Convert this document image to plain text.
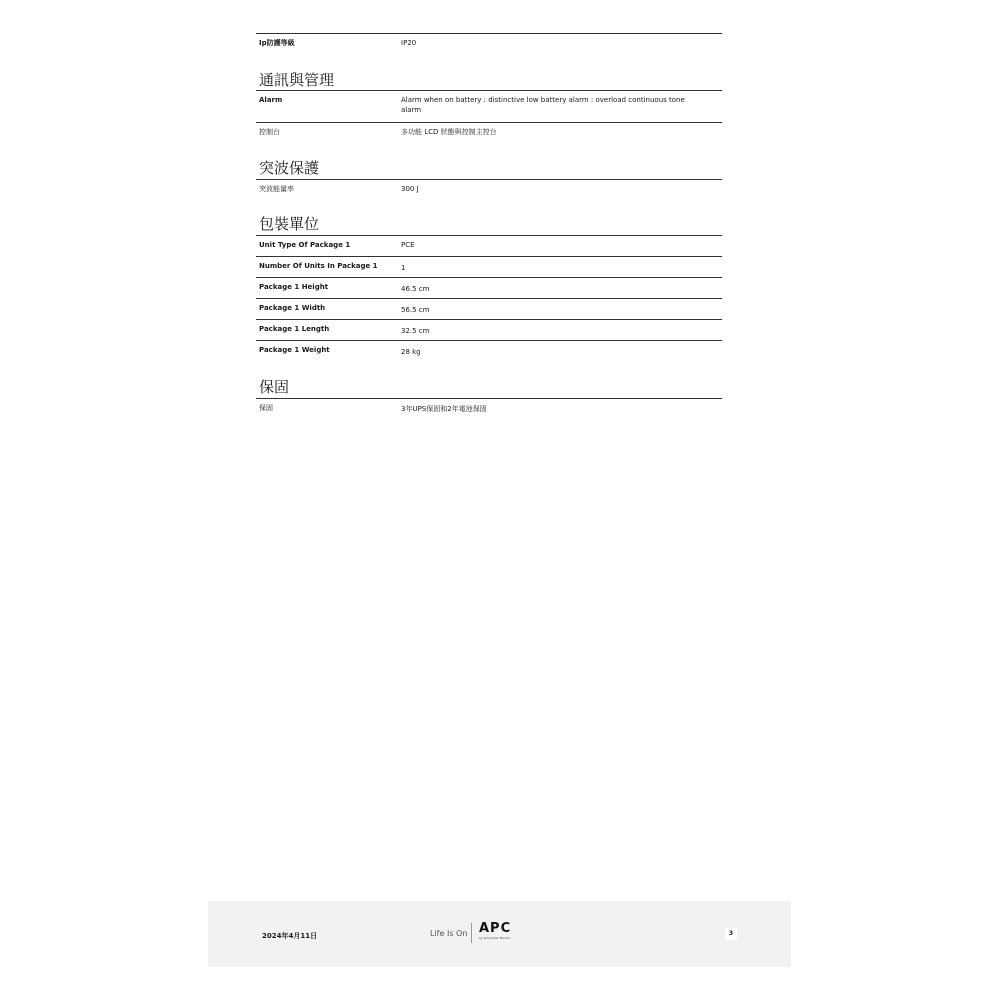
Ip防護等級	IP20
通訊與管理
Alarm	Alarm when on battery : distinctive low battery alarm : overload continuous tone alarm
控制台	多功能 LCD 狀態與控制主控台
突波保護
突波能量率	300 J
包裝單位
Unit Type Of Package 1	PCE
Number Of Units In Package 1	1
Package 1 Height	46.5 cm
Package 1 Width	56.5 cm
Package 1 Length	32.5 cm
Package 1 Weight	28 kg
保固
保固	3年UPS保固和2年電池保固
2024年4月11日	Life Is On APC
by Schneider Electric
3
